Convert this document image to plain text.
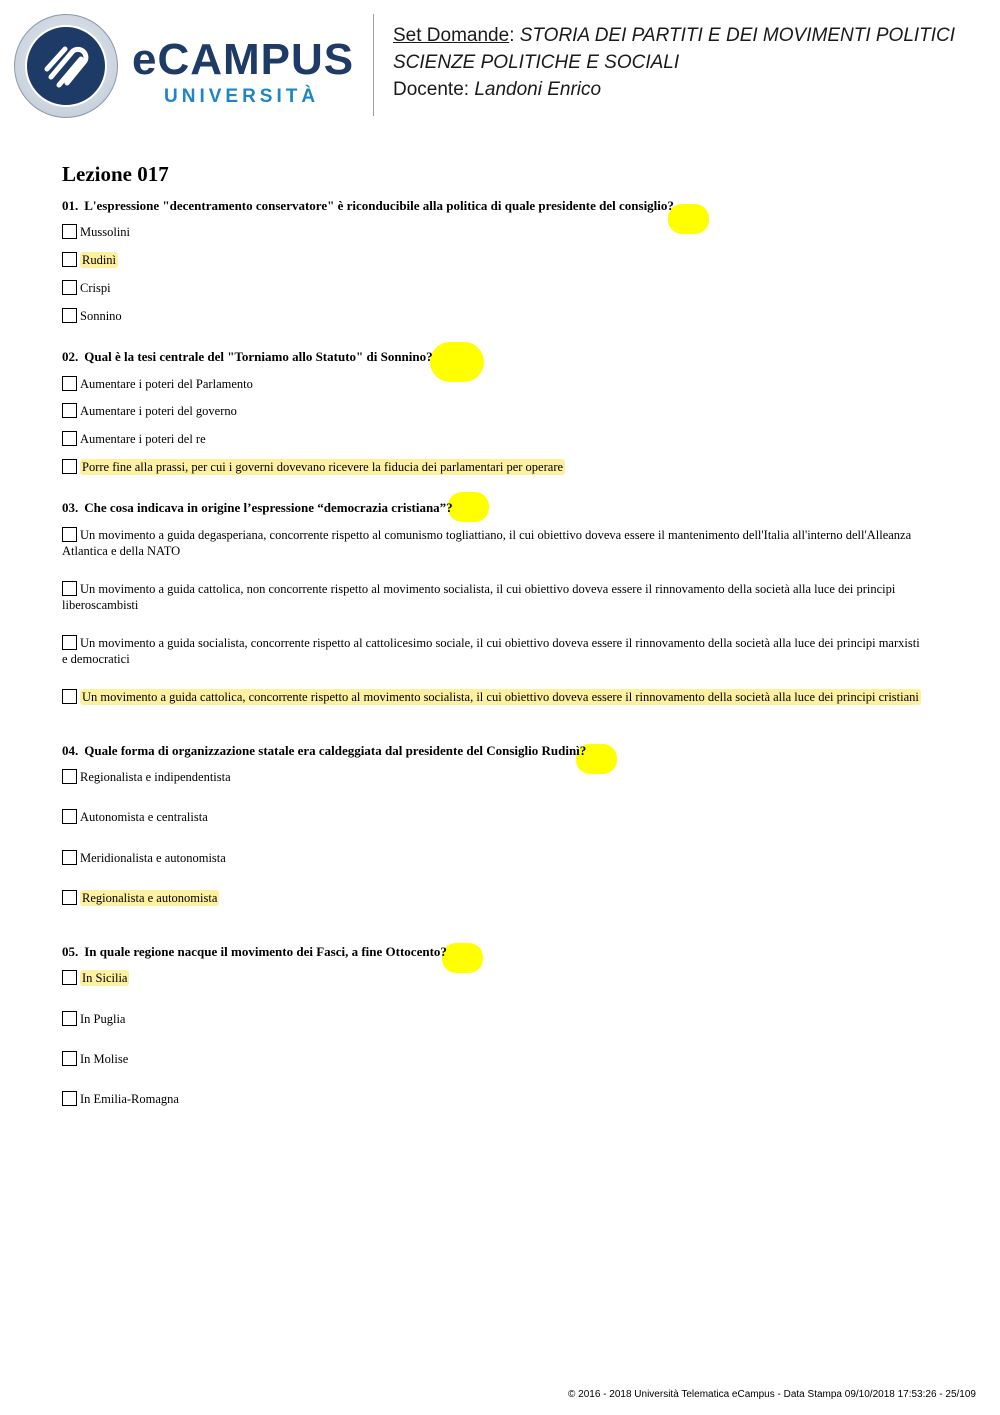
eCAMPUS
UNIVERSITÀ
Set Domande: STORIA DEI PARTITI E DEI MOVIMENTI POLITICI
SCIENZE POLITICHE E SOCIALI
Docente: Landoni Enrico
Lezione 017
01. L'espressione "decentramento conservatore" è riconducibile alla politica di quale presidente del consiglio?
Mussolini
Rudinì
Crispi
Sonnino
02. Qual è la tesi centrale del "Torniamo allo Statuto" di Sonnino?
Aumentare i poteri del Parlamento
Aumentare i poteri del governo
Aumentare i poteri del re
Porre fine alla prassi, per cui i governi dovevano ricevere la fiducia dei parlamentari per operare
03. Che cosa indicava in origine l’espressione “democrazia cristiana”?
Un movimento a guida degasperiana, concorrente rispetto al comunismo togliattiano, il cui obiettivo doveva essere il mantenimento dell'Italia all'interno dell'Alleanza Atlantica e della NATO
Un movimento a guida cattolica, non concorrente rispetto al movimento socialista, il cui obiettivo doveva essere il rinnovamento della società alla luce dei principi liberoscambisti
Un movimento a guida socialista, concorrente rispetto al cattolicesimo sociale, il cui obiettivo doveva essere il rinnovamento della società alla luce dei principi marxisti e democratici
Un movimento a guida cattolica, concorrente rispetto al movimento socialista, il cui obiettivo doveva essere il rinnovamento della società alla luce dei principi cristiani
04. Quale forma di organizzazione statale era caldeggiata dal presidente del Consiglio Rudinì?
Regionalista e indipendentista
Autonomista e centralista
Meridionalista e autonomista
Regionalista e autonomista
05. In quale regione nacque il movimento dei Fasci, a fine Ottocento?
In Sicilia
In Puglia
In Molise
In Emilia-Romagna
© 2016 - 2018 Università Telematica eCampus - Data Stampa 09/10/2018 17:53:26 - 25/109
